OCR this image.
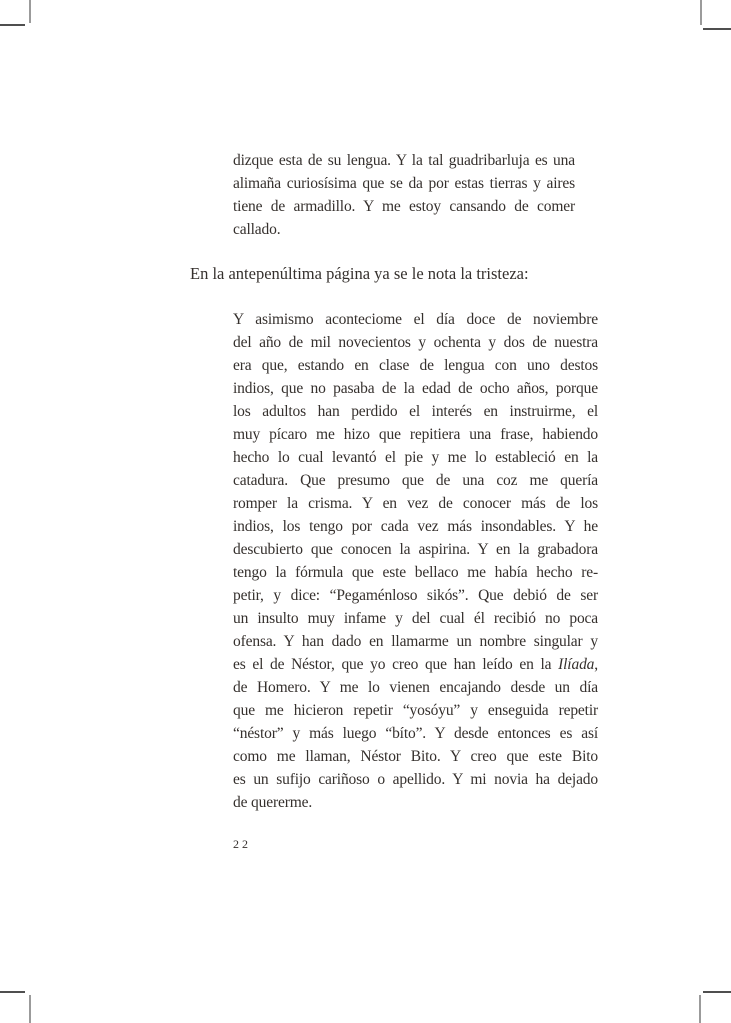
dizque esta de su lengua. Y la tal guadribarluja es una
alimaña curiosísima que se da por estas tierras y aires
tiene de armadillo. Y me estoy cansando de comer
callado.

En la antepenúltima página ya se le nota la tristeza:

Y asimismo aconteciome el día doce de noviembre
del año de mil novecientos y ochenta y dos de nuestra
era que, estando en clase de lengua con uno destos
indios, que no pasaba de la edad de ocho años, porque
los adultos han perdido el interés en instruirme, el
muy pícaro me hizo que repitiera una frase, habiendo
hecho lo cual levantó el pie y me lo estableció en la
catadura. Que presumo que de una coz me quería
romper la crisma. Y en vez de conocer más de los
indios, los tengo por cada vez más insondables. Y he
descubierto que conocen la aspirina. Y en la grabadora
tengo la fórmula que este bellaco me había hecho re-
petir, y dice: “Pegaménloso sikós”. Que debió de ser
un insulto muy infame y del cual él recibió no poca
ofensa. Y han dado en llamarme un nombre singular y
es el de Néstor, que yo creo que han leído en la Ilíada,
de Homero. Y me lo vienen encajando desde un día
que me hicieron repetir “yosóyu” y enseguida repetir
“néstor” y más luego “bíto”. Y desde entonces es así
como me llaman, Néstor Bito. Y creo que este Bito
es un sufijo cariñoso o apellido. Y mi novia ha dejado
de quererme.
22
